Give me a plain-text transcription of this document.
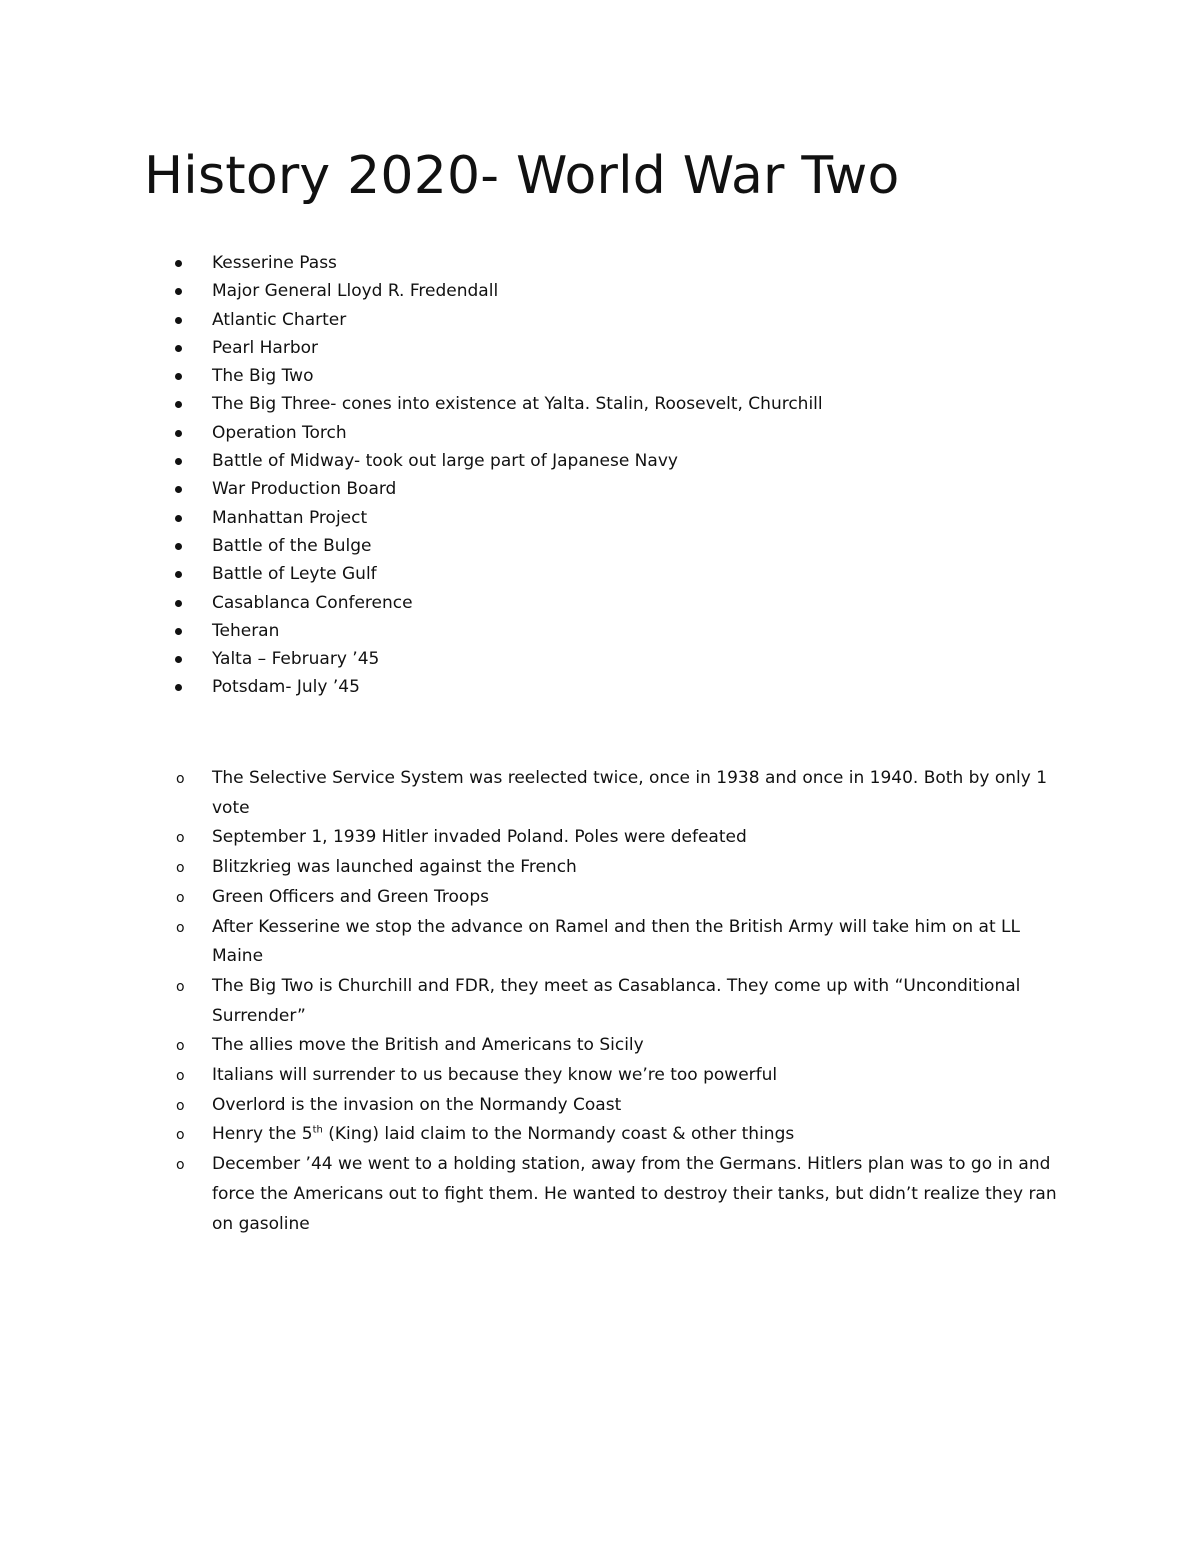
History 2020- World War Two
Kesserine Pass
Major General Lloyd R. Fredendall
Atlantic Charter
Pearl Harbor
The Big Two
The Big Three- cones into existence at Yalta. Stalin, Roosevelt, Churchill
Operation Torch
Battle of Midway- took out large part of Japanese Navy
War Production Board
Manhattan Project
Battle of the Bulge
Battle of Leyte Gulf
Casablanca Conference
Teheran
Yalta – February ’45
Potsdam- July ’45
o The Selective Service System was reelected twice, once in 1938 and once in 1940. Both by only 1 vote
o September 1, 1939 Hitler invaded Poland. Poles were defeated
o Blitzkrieg was launched against the French
o Green Officers and Green Troops
o After Kesserine we stop the advance on Ramel and then the British Army will take him on at LL Maine
o The Big Two is Churchill and FDR, they meet as Casablanca. They come up with “Unconditional Surrender”
o The allies move the British and Americans to Sicily
o Italians will surrender to us because they know we’re too powerful
o Overlord is the invasion on the Normandy Coast
o Henry the 5th (King) laid claim to the Normandy coast & other things
o December ’44 we went to a holding station, away from the Germans. Hitlers plan was to go in and force the Americans out to fight them. He wanted to destroy their tanks, but didn’t realize they ran on gasoline
